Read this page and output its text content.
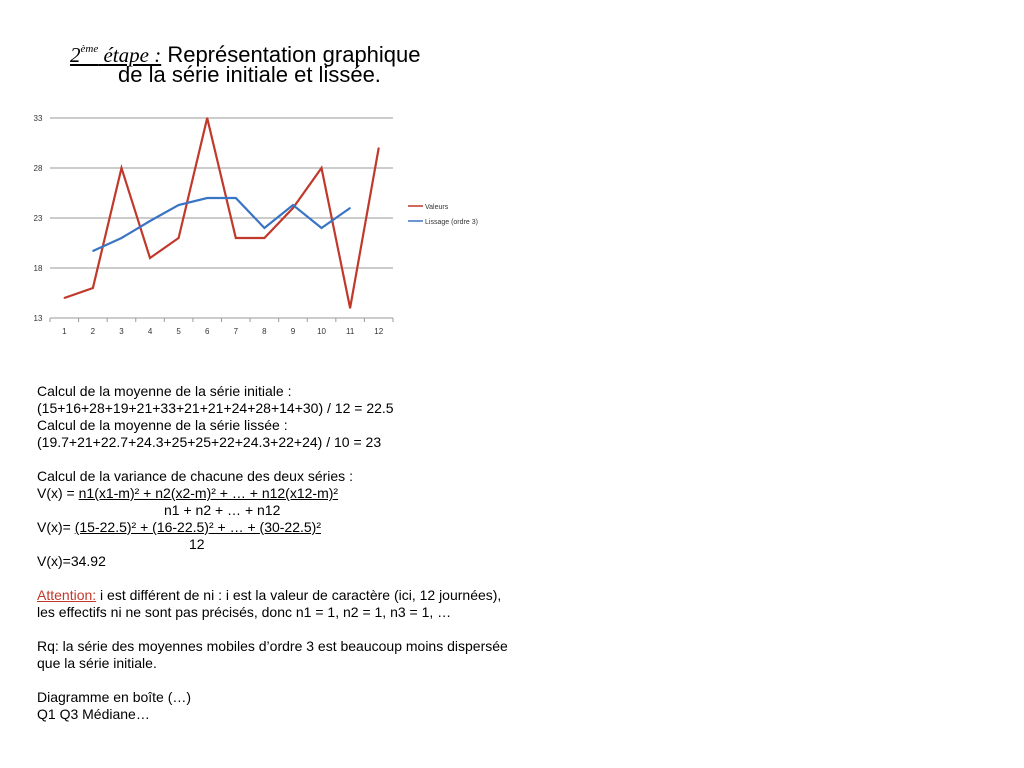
2ème étape : Représentation graphique
de la série initiale et lissée.
13
18
23
28
33
1	2	3	4	5	6	7	8	9	10 11 12
Valeurs
Lissage (ordre 3)
Calcul de la moyenne de la série initiale :
(15+16+28+19+21+33+21+21+24+28+14+30) / 12 = 22.5
Calcul de la moyenne de la série lissée :
(19.7+21+22.7+24.3+25+25+22+24.3+22+24) / 10 = 23
Calcul de la variance de chacune des deux séries :
V(x) = n1(x1-m)² + n2(x2-m)² + … + n12(x12-m)²
n1 + n2 + … + n12
V(x)= (15-22.5)² + (16-22.5)² + … + (30-22.5)²
12
V(x)=34.92
Attention: i est différent de ni : i est la valeur de caractère (ici, 12 journées),
les effectifs ni ne sont pas précisés, donc n1 = 1, n2 = 1, n3 = 1, …
Rq: la série des moyennes mobiles d’ordre 3 est beaucoup moins dispersée
que la série initiale.
Diagramme en boîte (…)
Q1 Q3 Médiane…
